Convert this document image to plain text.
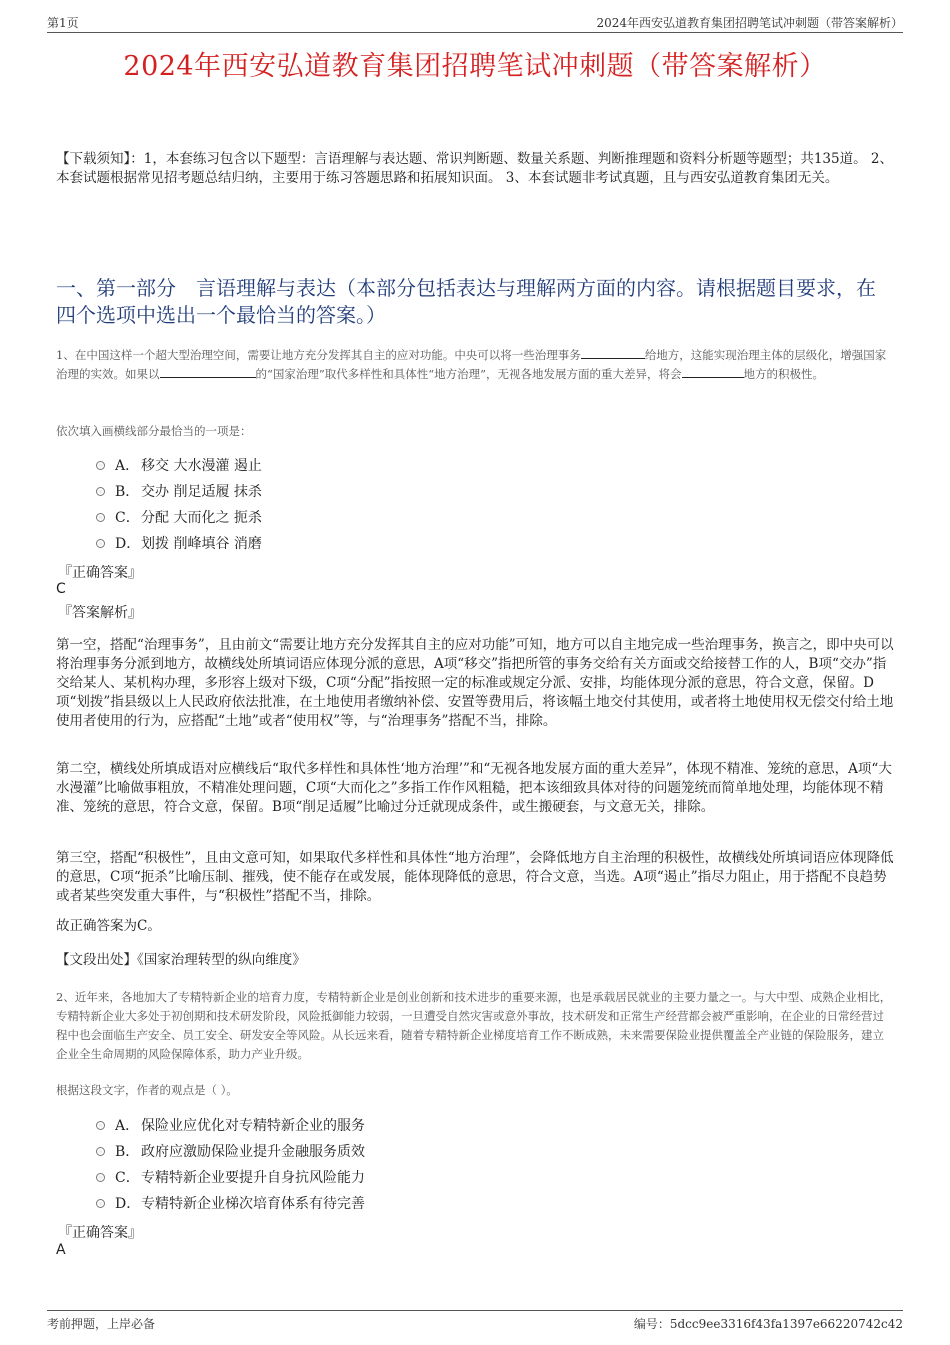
第1页	2024年西安弘道教育集团招聘笔试冲刺题（带答案解析）
2024年西安弘道教育集团招聘笔试冲刺题（带答案解析）
【下载须知】：1，本套练习包含以下题型：言语理解与表达题、常识判断题、数量关系题、判断推理题和资料分析题等题型；共135道。 2、本套试题根据常见招考题总结归纳，主要用于练习答题思路和拓展知识面。 3、本套试题非考试真题，且与西安弘道教育集团无关。
一、第一部分　言语理解与表达（本部分包括表达与理解两方面的内容。请根据题目要求，在四个选项中选出一个最恰当的答案。）
1、在中国这样一个超大型治理空间，需要让地方充分发挥其自主的应对功能。中央可以将一些治理事务	给地方，这能实现治理主体的层级化，增强国家治理的实效。如果以	的“国家治理”取代多样性和具体性“地方治理”，无视各地发展方面的重大差异，将会	地方的积极性。
依次填入画横线部分最恰当的一项是：
A． 移交 大水漫灌 遏止
B． 交办 削足适履 抹杀
C． 分配 大而化之 扼杀
D． 划拨 削峰填谷 消磨
『正确答案』
C
『答案解析』
第一空，搭配“治理事务”，且由前文“需要让地方充分发挥其自主的应对功能”可知，地方可以自主地完成一些治理事务，换言之，即中央可以将治理事务分派到地方，故横线处所填词语应体现分派的意思，A项“移交”指把所管的事务交给有关方面或交给接替工作的人，B项“交办”指交给某人、某机构办理，多形容上级对下级，C项“分配”指按照一定的标准或规定分派、安排，均能体现分派的意思，符合文意，保留。D项“划拨”指县级以上人民政府依法批准，在土地使用者缴纳补偿、安置等费用后，将该幅土地交付其使用，或者将土地使用权无偿交付给土地使用者使用的行为，应搭配“土地”或者“使用权”等，与“治理事务”搭配不当，排除。
第二空，横线处所填成语对应横线后“取代多样性和具体性‘地方治理’”和“无视各地发展方面的重大差异”，体现不精准、笼统的意思，A项“大水漫灌”比喻做事粗放，不精准处理问题，C项“大而化之”多指工作作风粗糙，把本该细致具体对待的问题笼统而简单地处理，均能体现不精准、笼统的意思，符合文意，保留。B项“削足适履”比喻过分迁就现成条件，或生搬硬套，与文意无关，排除。
第三空，搭配“积极性”，且由文意可知，如果取代多样性和具体性“地方治理”，会降低地方自主治理的积极性，故横线处所填词语应体现降低的意思，C项“扼杀”比喻压制、摧残，使不能存在或发展，能体现降低的意思，符合文意，当选。A项“遏止”指尽力阻止，用于搭配不良趋势或者某些突发重大事件，与“积极性”搭配不当，排除。
故正确答案为C。
【文段出处】《国家治理转型的纵向维度》
2、近年来，各地加大了专精特新企业的培育力度，专精特新企业是创业创新和技术进步的重要来源，也是承载居民就业的主要力量之一。与大中型、成熟企业相比，专精特新企业大多处于初创期和技术研发阶段，风险抵御能力较弱，一旦遭受自然灾害或意外事故，技术研发和正常生产经营都会被严重影响，在企业的日常经营过程中也会面临生产安全、员工安全、研发安全等风险。从长远来看，随着专精特新企业梯度培育工作不断成熟，未来需要保险业提供覆盖全产业链的保险服务，建立企业全生命周期的风险保障体系，助力产业升级。
根据这段文字，作者的观点是（ ）。
A． 保险业应优化对专精特新企业的服务
B． 政府应激励保险业提升金融服务质效
C． 专精特新企业要提升自身抗风险能力
D． 专精特新企业梯次培育体系有待完善
『正确答案』
A
考前押题，上岸必备	编号：5dcc9ee3316f43fa1397e66220742c42
